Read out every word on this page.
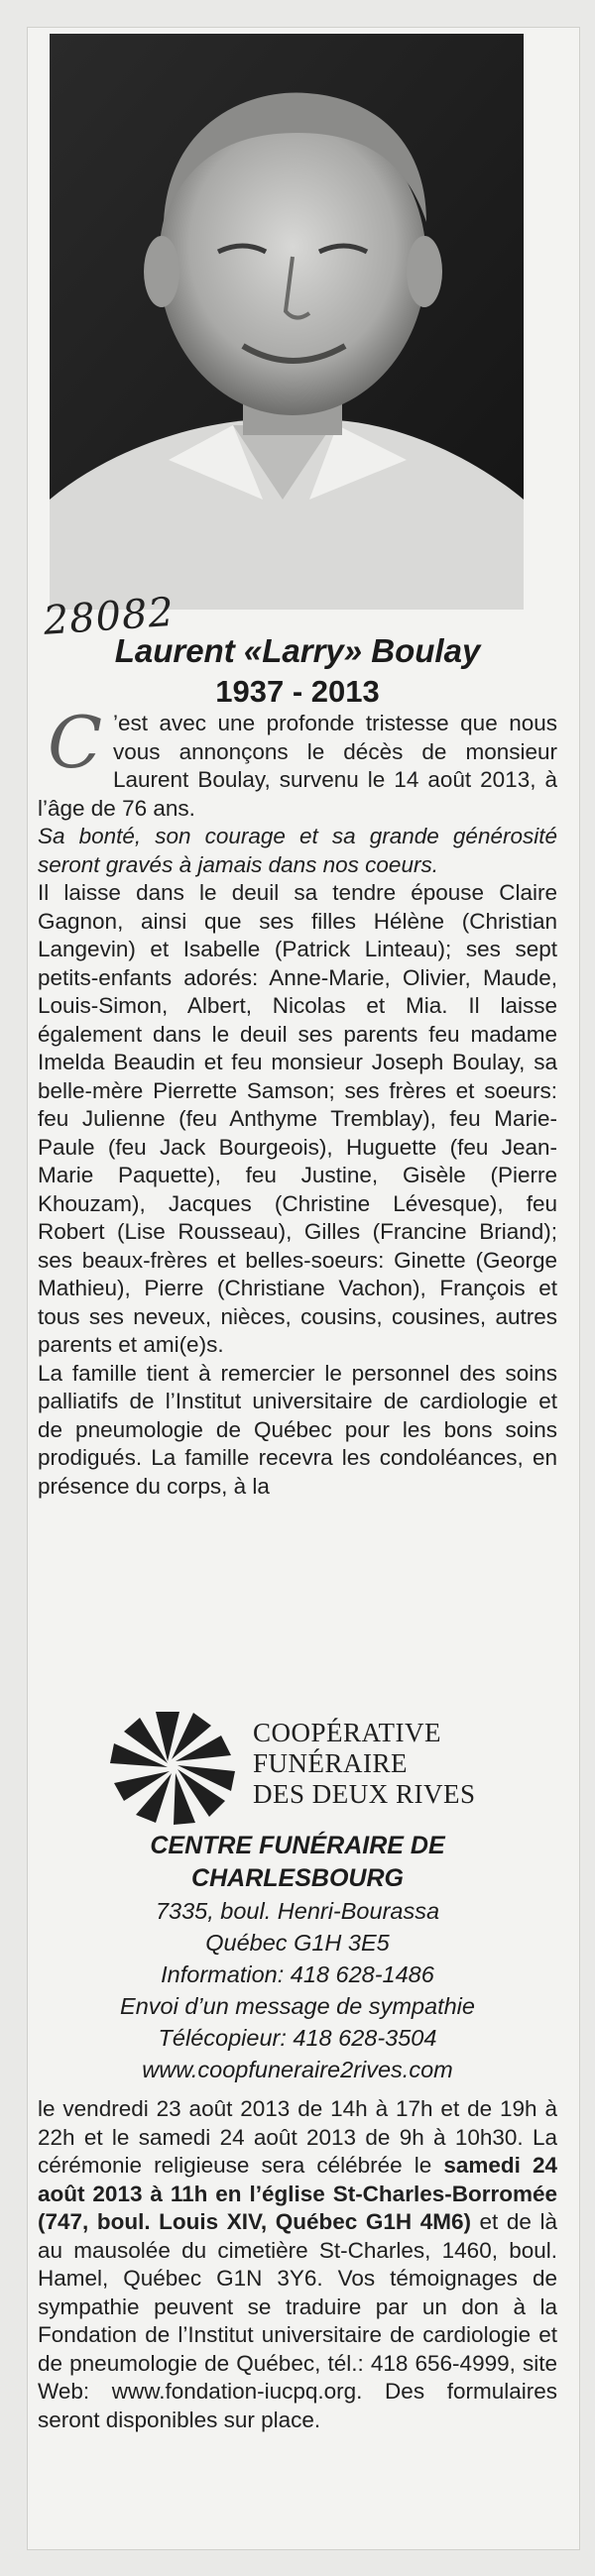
28082
Laurent «Larry» Boulay
1937 - 2013
C ’est avec une profonde tristesse que nous vous annonçons le décès de monsieur Laurent Boulay, survenu le 14 août 2013, à l’âge de 76 ans.

Sa bonté, son courage et sa grande générosité seront gravés à jamais dans nos coeurs.

Il laisse dans le deuil sa tendre épouse Claire Gagnon, ainsi que ses filles Hélène (Christian Langevin) et Isabelle (Patrick Linteau); ses sept petits-enfants adorés: Anne-Marie, Olivier, Maude, Louis-Simon, Albert, Nicolas et Mia. Il laisse également dans le deuil ses parents feu madame Imelda Beaudin et feu monsieur Joseph Boulay, sa belle-mère Pierrette Samson; ses frères et soeurs: feu Julienne (feu Anthyme Tremblay), feu Marie-Paule (feu Jack Bourgeois), Huguette (feu Jean-Marie Paquette), feu Justine, Gisèle (Pierre Khouzam), Jacques (Christine Lévesque), feu Robert (Lise Rousseau), Gilles (Francine Briand); ses beaux-frères et belles-soeurs: Ginette (George Mathieu), Pierre (Christiane Vachon), François et tous ses neveux, nièces, cousins, cousines, autres parents et ami(e)s.

La famille tient à remercier le personnel des soins palliatifs de l’Institut universitaire de cardiologie et de pneumologie de Québec pour les bons soins prodigués. La famille recevra les condoléances, en présence du corps, à la

COOPÉRATIVE
FUNÉRAIRE
DES DEUX RIVES
CENTRE FUNÉRAIRE DE
CHARLESBOURG
7335, boul. Henri-Bourassa
Québec G1H 3E5
Information: 418 628-1486
Envoi d’un message de sympathie
Télécopieur: 418 628-3504
www.coopfuneraire2rives.com
le vendredi 23 août 2013 de 14h à 17h et de 19h à 22h et le samedi 24 août 2013 de 9h à 10h30. La cérémonie religieuse sera célébrée le samedi 24 août 2013 à 11h en l’église St-Charles-Borromée (747, boul. Louis XIV, Québec G1H 4M6) et de là au mausolée du cimetière St-Charles, 1460, boul. Hamel, Québec G1N 3Y6. Vos témoignages de sympathie peuvent se traduire par un don à la Fondation de l’Institut universitaire de cardiologie et de pneumologie de Québec, tél.: 418 656-4999, site Web: www.fondation-iucpq.org. Des formulaires seront disponibles sur place.
